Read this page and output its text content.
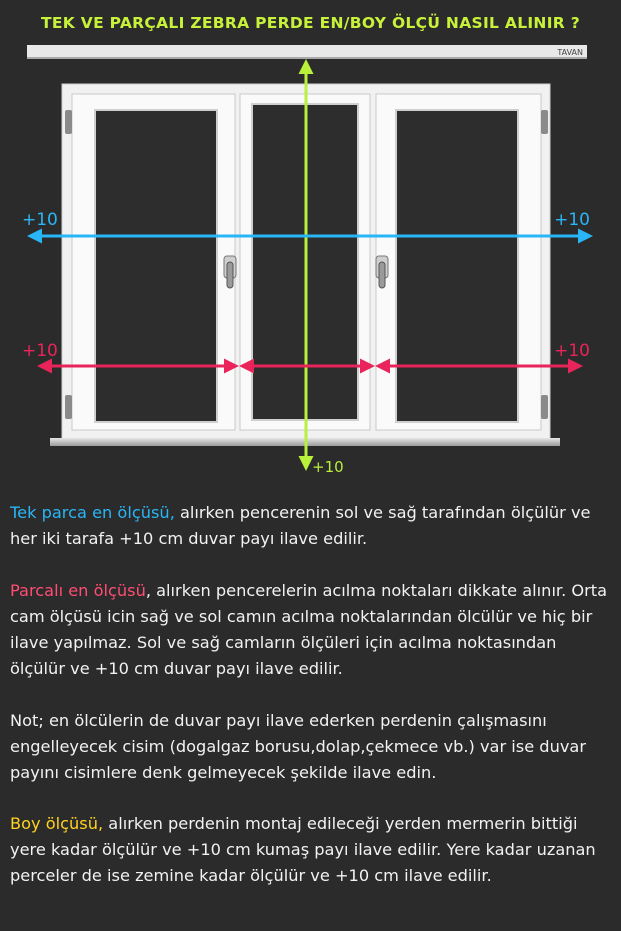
TEK VE PARÇALI ZEBRA PERDE EN/BOY ÖLÇÜ NASIL ALINIR ?
TAVAN
+10
+10	+10
+10	+10

Tek parca en ölçüsü, alırken pencerenin sol ve sağ tarafından ölçülür ve her iki tarafa +10 cm duvar payı ilave edilir.

Parcalı en ölçüsü, alırken pencerelerin acılma noktaları dikkate alınır. Orta cam ölçüsü icin sağ ve sol camın acılma noktalarından ölcülür ve hiç bir ilave yapılmaz. Sol ve sağ camların ölçüleri için acılma noktasından ölçülür ve +10 cm duvar payı ilave edilir.

Not; en ölcülerin de duvar payı ilave ederken perdenin çalışmasını engelleyecek cisim (dogalgaz borusu,dolap,çekmece vb.) var ise duvar payını cisimlere denk gelmeyecek şekilde ilave edin.

Boy ölçüsü, alırken perdenin montaj edileceği yerden mermerin bittiği yere kadar ölçülür ve +10 cm kumaş payı ilave edilir. Yere kadar uzanan perceler de ise zemine kadar ölçülür ve +10 cm ilave edilir.
